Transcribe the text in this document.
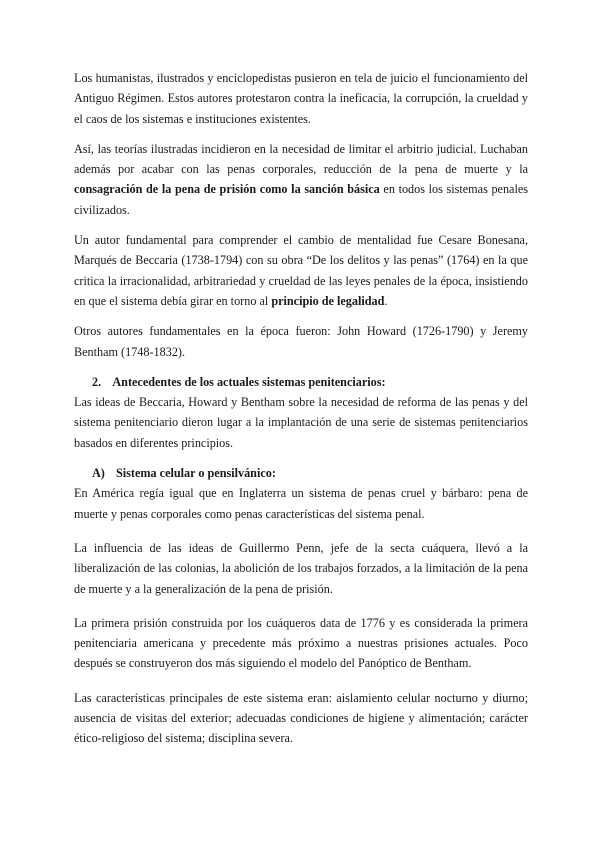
Los humanistas, ilustrados y enciclopedistas pusieron en tela de juicio el funcionamiento del Antiguo Régimen. Estos autores protestaron contra la ineficacia, la corrupción, la crueldad y el caos de los sistemas e instituciones existentes.

Así, las teorías ilustradas incidieron en la necesidad de limitar el arbitrio judicial. Luchaban además por acabar con las penas corporales, reducción de la pena de muerte y la consagración de la pena de prisión como la sanción básica en todos los sistemas penales civilizados.

Un autor fundamental para comprender el cambio de mentalidad fue Cesare Bonesana, Marqués de Beccaria (1738-1794) con su obra “De los delitos y las penas” (1764) en la que critica la irracionalidad, arbitrariedad y crueldad de las leyes penales de la época, insistiendo en que el sistema debía girar en torno al principio de legalidad.

Otros autores fundamentales en la época fueron: John Howard (1726-1790) y Jeremy Bentham (1748-1832).

2. Antecedentes de los actuales sistemas penitenciarios:

Las ideas de Beccaria, Howard y Bentham sobre la necesidad de reforma de las penas y del sistema penitenciario dieron lugar a la implantación de una serie de sistemas penitenciarios basados en diferentes principios.

A) Sistema celular o pensilvánico:

En América regía igual que en Inglaterra un sistema de penas cruel y bárbaro: pena de muerte y penas corporales como penas características del sistema penal.

La influencia de las ideas de Guillermo Penn, jefe de la secta cuáquera, llevó a la liberalización de las colonias, la abolición de los trabajos forzados, a la limitación de la pena de muerte y a la generalización de la pena de prisión.

La primera prisión construida por los cuáqueros data de 1776 y es considerada la primera penitenciaria americana y precedente más próximo a nuestras prisiones actuales. Poco después se construyeron dos más siguiendo el modelo del Panóptico de Bentham.

Las características principales de este sistema eran: aislamiento celular nocturno y diurno; ausencia de visitas del exterior; adecuadas condiciones de higiene y alimentación; carácter ético-religioso del sistema; disciplina severa.
